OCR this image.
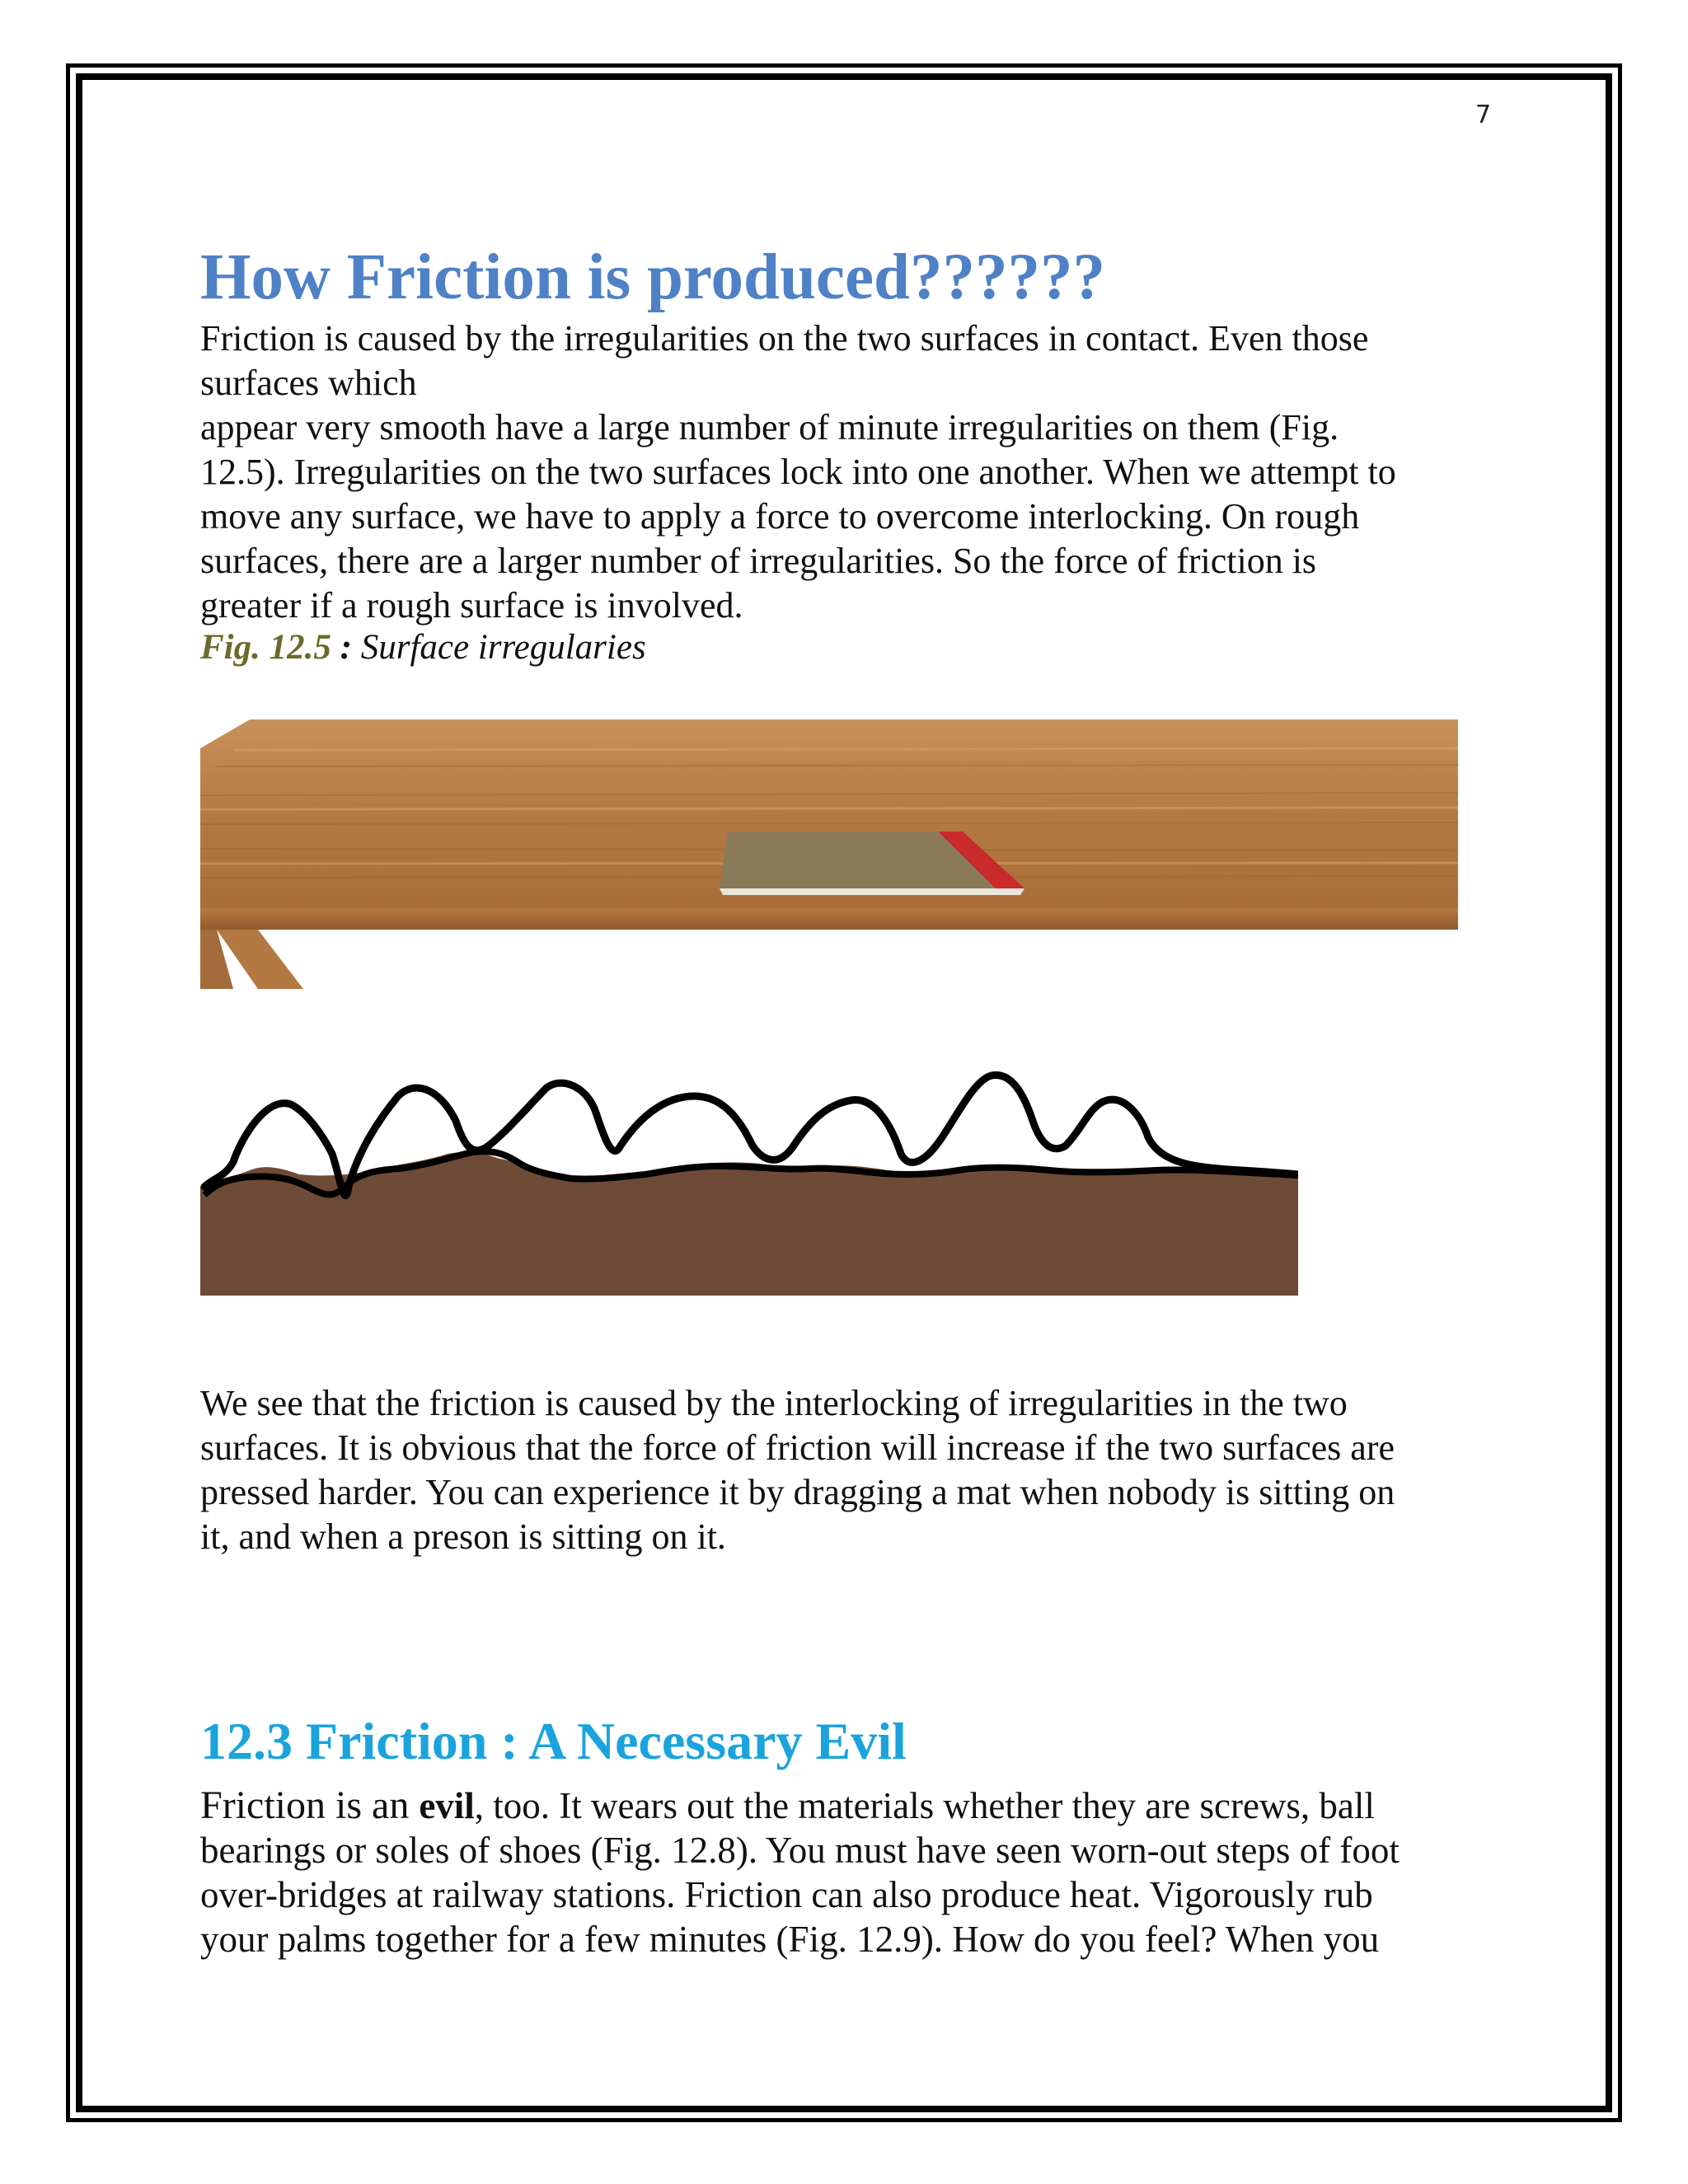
7
How Friction is produced??????

Friction is caused by the irregularities on the two surfaces in contact. Even those
surfaces which
appear very smooth have a large number of minute irregularities on them (Fig.
12.5). Irregularities on the two surfaces lock into one another. When we attempt to
move any surface, we have to apply a force to overcome interlocking. On rough
surfaces, there are a larger number of irregularities. So the force of friction is
greater if a rough surface is involved.

Fig. 12.5 : Surface irregularies

We see that the friction is caused by the interlocking of irregularities in the two
surfaces. It is obvious that the force of friction will increase if the two surfaces are
pressed harder. You can experience it by dragging a mat when nobody is sitting on
it, and when a preson is sitting on it.

12.3 Friction : A Necessary Evil

Friction is an evil, too. It wears out the materials whether they are screws, ball
bearings or soles of shoes (Fig. 12.8). You must have seen worn-out steps of foot
over-bridges at railway stations. Friction can also produce heat. Vigorously rub
your palms together for a few minutes (Fig. 12.9). How do you feel? When you
